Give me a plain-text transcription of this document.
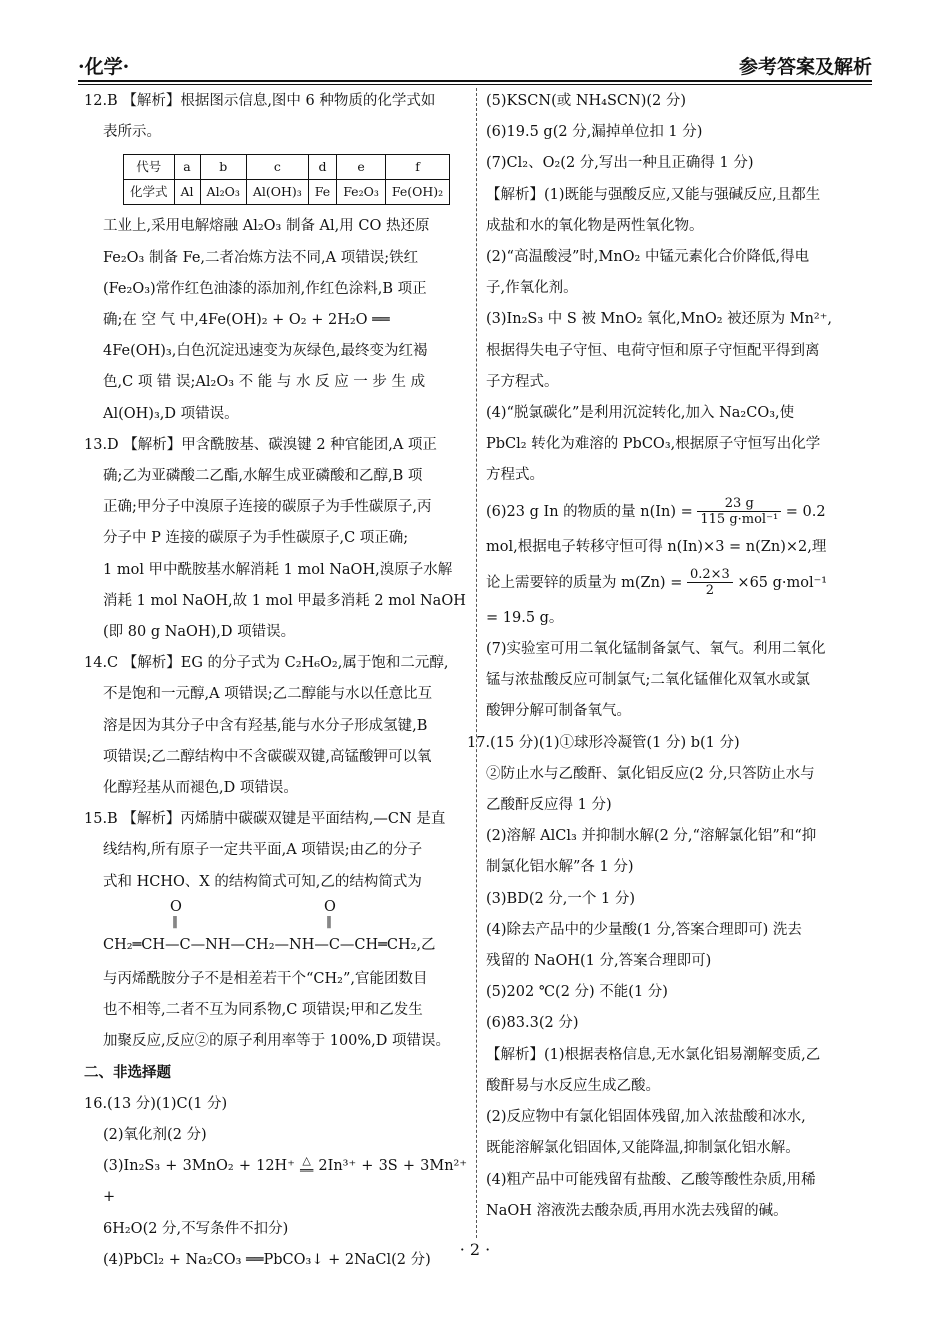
·化学·	参考答案及解析

12.B 【解析】根据图示信息,图中 6 种物质的化学式如

表所示。

代号	a	b	c	d	e	f
化学式	Al	Al₂O₃	Al(OH)₃	Fe	Fe₂O₃	Fe(OH)₂

工业上,采用电解熔融 Al₂O₃ 制备 Al,用 CO 热还原

Fe₂O₃ 制备 Fe,二者冶炼方法不同,A 项错误;铁红

(Fe₂O₃)常作红色油漆的添加剂,作红色涂料,B 项正

确;在 空 气 中,4Fe(OH)₂ + O₂ + 2H₂O ══

4Fe(OH)₃,白色沉淀迅速变为灰绿色,最终变为红褐

色,C 项 错 误;Al₂O₃ 不 能 与 水 反 应 一 步 生 成

Al(OH)₃,D 项错误。

13.D 【解析】甲含酰胺基、碳溴键 2 种官能团,A 项正

确;乙为亚磷酸二乙酯,水解生成亚磷酸和乙醇,B 项

正确;甲分子中溴原子连接的碳原子为手性碳原子,丙

分子中 P 连接的碳原子为手性碳原子,C 项正确;

1 mol 甲中酰胺基水解消耗 1 mol NaOH,溴原子水解

消耗 1 mol NaOH,故 1 mol 甲最多消耗 2 mol NaOH

(即 80 g NaOH),D 项错误。

14.C 【解析】EG 的分子式为 C₂H₆O₂,属于饱和二元醇,

不是饱和一元醇,A 项错误;乙二醇能与水以任意比互

溶是因为其分子中含有羟基,能与水分子形成氢键,B

项错误;乙二醇结构中不含碳碳双键,高锰酸钾可以氧

化醇羟基从而褪色,D 项错误。

15.B 【解析】丙烯腈中碳碳双键是平面结构,—CN 是直

线结构,所有原子一定共平面,A 项错误;由乙的分子

式和 HCHO、X 的结构简式可知,乙的结构简式为

O	O
‖	‖
CH₂═CH—C—NH—CH₂—NH—C—CH═CH₂,乙

与丙烯酰胺分子不是相差若干个“CH₂”,官能团数目

也不相等,二者不互为同系物,C 项错误;甲和乙发生

加聚反应,反应②的原子利用率等于 100%,D 项错误。

二、非选择题

16.(13 分)(1)C(1 分)

(2)氧化剂(2 分)

(3)In₂S₃ + 3MnO₂ + 12H⁺ △
══ 2In³⁺ + 3S + 3Mn²⁺ +

6H₂O(2 分,不写条件不扣分)

(4)PbCl₂ + Na₂CO₃ ══PbCO₃↓ + 2NaCl(2 分)

(5)KSCN(或 NH₄SCN)(2 分)

(6)19.5 g(2 分,漏掉单位扣 1 分)

(7)Cl₂、O₂(2 分,写出一种且正确得 1 分)

【解析】(1)既能与强酸反应,又能与强碱反应,且都生

成盐和水的氧化物是两性氧化物。

(2)“高温酸浸”时,MnO₂ 中锰元素化合价降低,得电

子,作氧化剂。

(3)In₂S₃ 中 S 被 MnO₂ 氧化,MnO₂ 被还原为 Mn²⁺,

根据得失电子守恒、电荷守恒和原子守恒配平得到离

子方程式。

(4)“脱氯碳化”是利用沉淀转化,加入 Na₂CO₃,使

PbCl₂ 转化为难溶的 PbCO₃,根据原子守恒写出化学

方程式。

(6)23 g In 的物质的量 $n(In) = \frac{23 g}{\text{115 g·mol⁻¹}} = 0.2$

mol,根据电子转移守恒可得 n(In)×3 = n(Zn)×2,理

论上需要锌的质量为 $m(Zn) = \frac{0.2\times 3}{2} \times 65$ g·mol⁻¹

= 19.5 g。

(7)实验室可用二氧化锰制备氯气、氧气。利用二氧化

锰与浓盐酸反应可制氯气;二氧化锰催化双氧水或氯

酸钾分解可制备氧气。

17.(15 分)(1)①球形冷凝管(1 分) b(1 分)

②防止水与乙酸酐、氯化铝反应(2 分,只答防止水与

乙酸酐反应得 1 分)

(2)溶解 AlCl₃ 并抑制水解(2 分,“溶解氯化铝”和“抑

制氯化铝水解”各 1 分)

(3)BD(2 分,一个 1 分)

(4)除去产品中的少量酸(1 分,答案合理即可) 洗去

残留的 NaOH(1 分,答案合理即可)

(5)202 ℃(2 分) 不能(1 分)

(6)83.3(2 分)

【解析】(1)根据表格信息,无水氯化铝易潮解变质,乙

酸酐易与水反应生成乙酸。

(2)反应物中有氯化铝固体残留,加入浓盐酸和冰水,

既能溶解氯化铝固体,又能降温,抑制氯化铝水解。

(4)粗产品中可能残留有盐酸、乙酸等酸性杂质,用稀

NaOH 溶液洗去酸杂质,再用水洗去残留的碱。

· 2 ·
